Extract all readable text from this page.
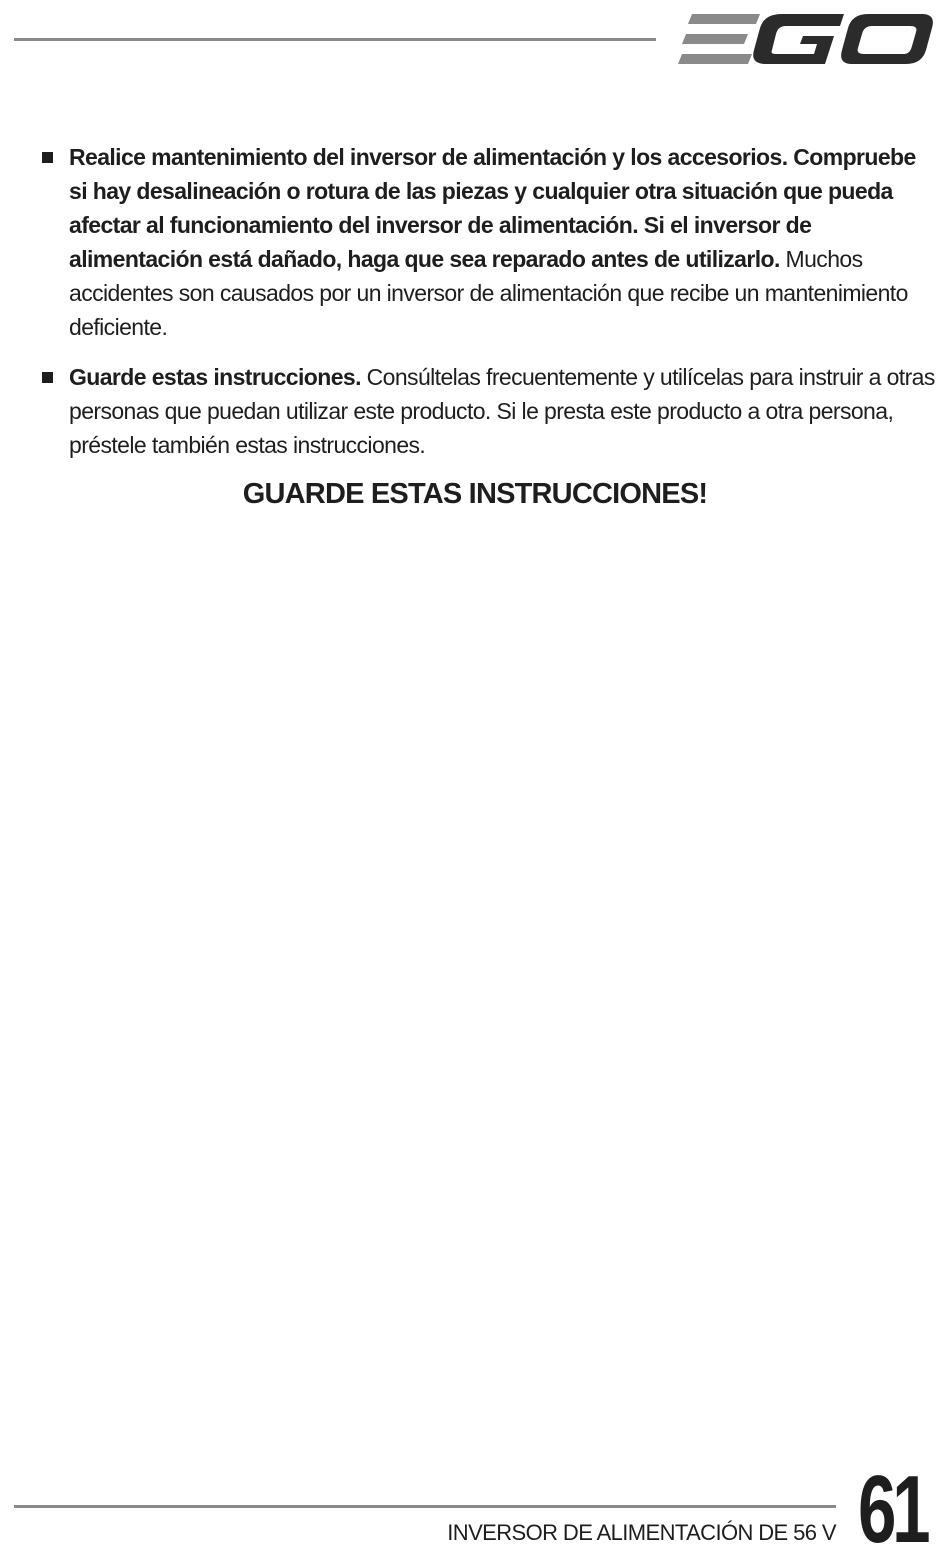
Realice mantenimiento del inversor de alimentación y los accesorios. Compruebe si hay desalineación o rotura de las piezas y cualquier otra situación que pueda afectar al funcionamiento del inversor de alimentación. Si el inversor de alimentación está dañado, haga que sea reparado antes de utilizarlo. Muchos accidentes son causados por un inversor de alimentación que recibe un mantenimiento deficiente.
Guarde estas instrucciones. Consúltelas frecuentemente y utilícelas para instruir a otras personas que puedan utilizar este producto. Si le presta este producto a otra persona, préstele también estas instrucciones.
GUARDE ESTAS INSTRUCCIONES!
INVERSOR DE ALIMENTACIÓN DE 56 V 61
